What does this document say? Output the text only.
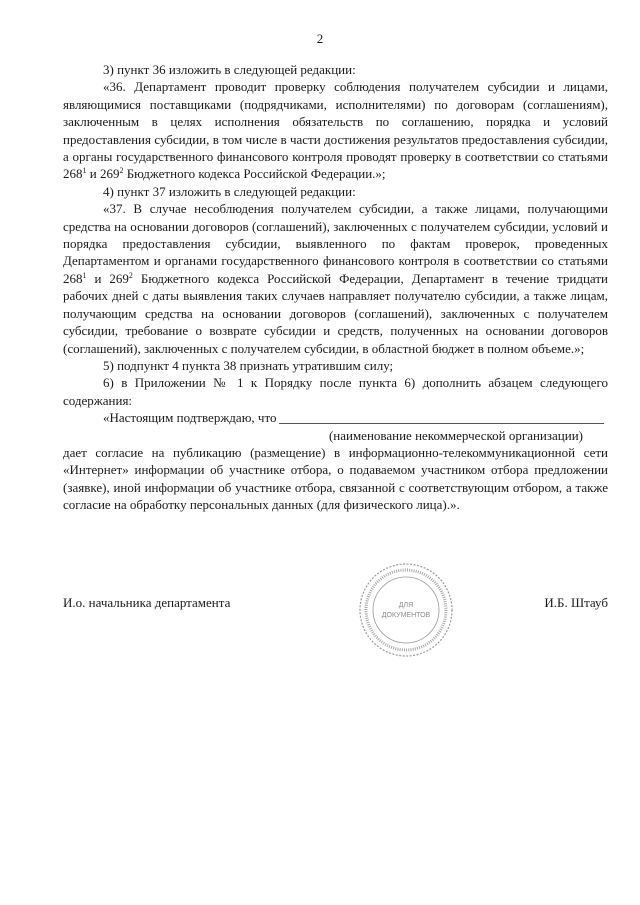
2

3) пункт 36 изложить в следующей редакции:

«36. Департамент проводит проверку соблюдения получателем субсидии и лицами, являющимися поставщиками (подрядчиками, исполнителями) по договорам (соглашениям), заключенным в целях исполнения обязательств по соглашению, порядка и условий предоставления субсидии, в том числе в части достижения результатов предоставления субсидии, а органы государственного финансового контроля проводят проверку в соответствии со статьями $268^1$ и $269^2$ Бюджетного кодекса Российской Федерации.»;

4) пункт 37 изложить в следующей редакции:

«37. В случае несоблюдения получателем субсидии, а также лицами, получающими средства на основании договоров (соглашений), заключенных с получателем субсидии, условий и порядка предоставления субсидии, выявленного по фактам проверок, проведенных Департаментом и органами государственного финансового контроля в соответствии со статьями $268^1$ и $269^2$ Бюджетного кодекса Российской Федерации, Департамент в течение тридцати рабочих дней с даты выявления таких случаев направляет получателю субсидии, а также лицам, получающим средства на основании договоров (соглашений), заключенных с получателем субсидии, требование о возврате субсидии и средств, полученных на основании договоров (соглашений), заключенных с получателем субсидии, в областной бюджет в полном объеме.»;

5) подпункт 4 пункта 38 признать утратившим силу;

6) в Приложении № 1 к Порядку после пункта 6) дополнить абзацем следующего содержания:

«Настоящим подтверждаю, что

(наименование некоммерческой организации)

дает согласие на публикацию (размещение) в информационно-телекоммуникационной сети «Интернет» информации об участнике отбора, о подаваемом участником отбора предложении (заявке), иной информации об участнике отбора, связанной с соответствующим отбором, а также согласие на обработку персональных данных (для физического лица).».

И.о. начальника департамента	ДЛЯ
ДОКУМЕНТОВ
И.Б. Штауб
